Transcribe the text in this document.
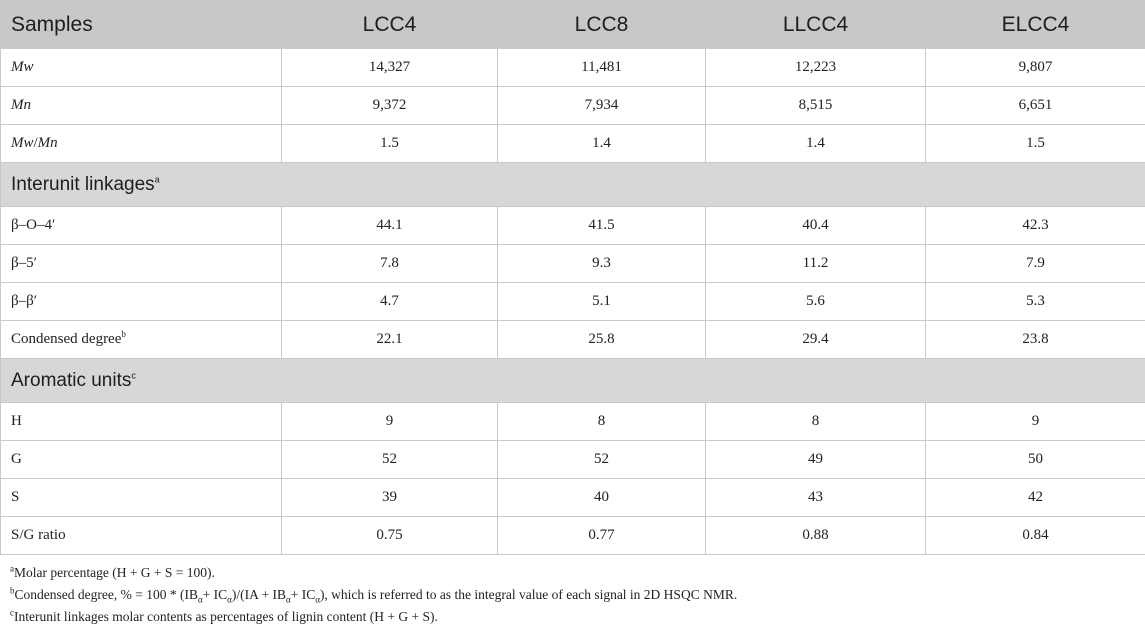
Samples	LCC4	LCC8	LLCC4	ELCC4
Mw	14,327	11,481	12,223	9,807
Mn	9,372	7,934	8,515	6,651
Mw/Mn	1.5	1.4	1.4	1.5
Interunit linkages$^a$
β–O–4′	44.1	41.5	40.4	42.3
β–5′	7.8	9.3	11.2	7.9
β–β′	4.7	5.1	5.6	5.3
Condensed degree$^b$	22.1	25.8	29.4	23.8
Aromatic units$^c$
H	9	8	8	9
G	52	52	49	50
S	39	40	43	42
S/G ratio	0.75	0.77	0.88	0.84
$^a$Molar percentage (H + G + S = 100).
$^b$Condensed degree, % = $100 * (IB_\alpha+ IC_\alpha)/(IA + IB_\alpha+ IC_\alpha)$, which is referred to as the integral value of each signal in 2D HSQC NMR.
$^c$Interunit linkages molar contents as percentages of lignin content (H + G + S).
